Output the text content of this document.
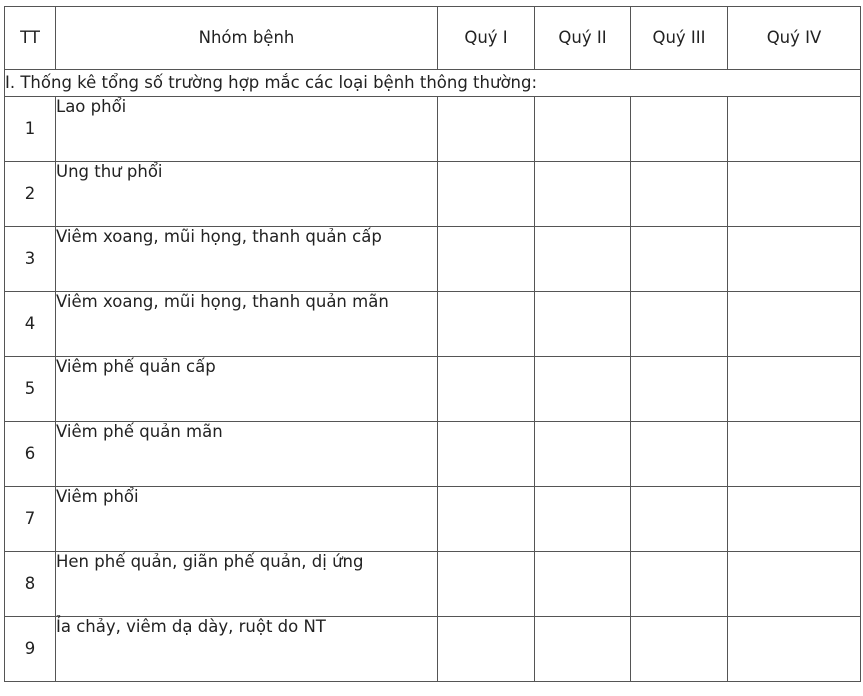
TT	Nhóm bệnh	Quý I	Quý II	Quý III	Quý IV
I. Thống kê tổng số trường hợp mắc các loại bệnh thông thường:					
1	Lao phổi				
2	Ung thư phổi				
3	Viêm xoang, mũi họng, thanh quản cấp				
4	Viêm xoang, mũi họng, thanh quản mãn				
5	Viêm phế quản cấp				
6	Viêm phế quản mãn				
7	Viêm phổi				
8	Hen phế quản, giãn phế quản, dị ứng				
9	Ỉa chảy, viêm dạ dày, ruột do NT				
